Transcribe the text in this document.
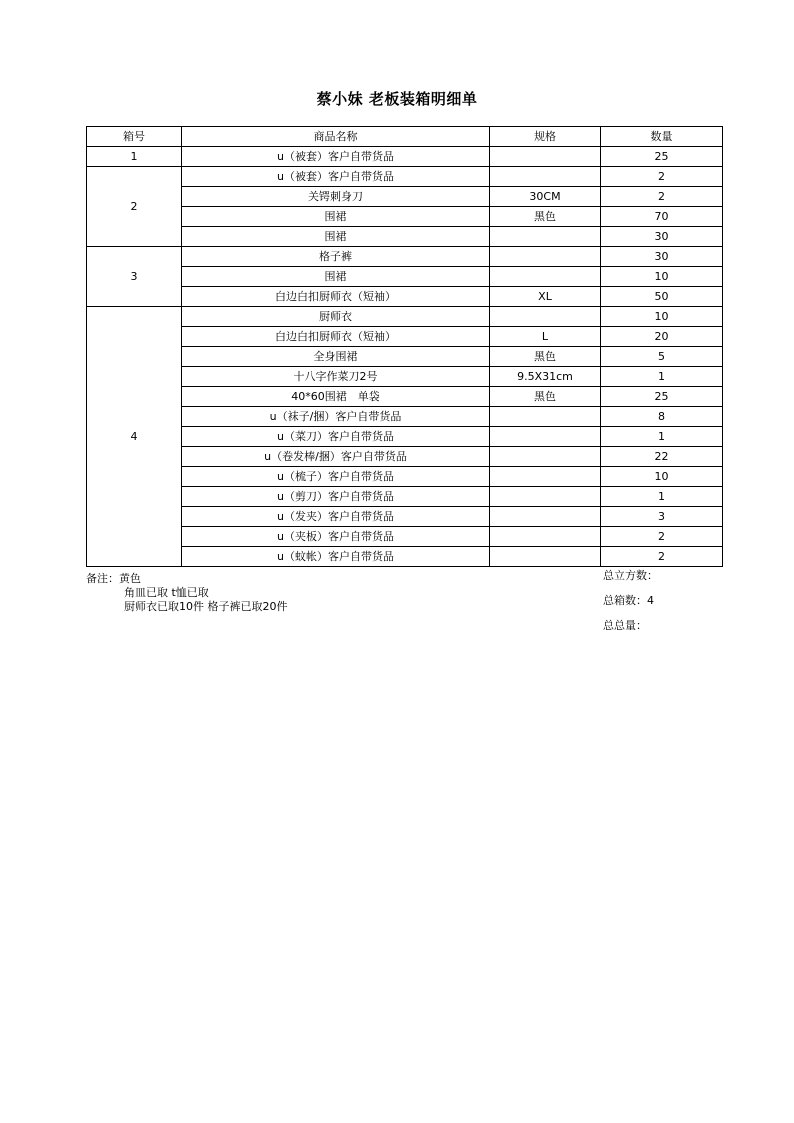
蔡小妹 老板装箱明细单
箱号	商品名称	规格	数量
1	u（被套）客户自带货品		25
2	u（被套）客户自带货品		2
	关锷刺身刀	30CM	2
	围裙	黑色	70
	围裙		30
3	格子裤		30
	围裙		10
	白边白扣厨师衣（短袖）	XL	50
4	厨师衣		10
	白边白扣厨师衣（短袖）	L	20
	全身围裙	黑色	5
	十八字作菜刀2号	9.5X31cm	1
	40*60围裙　单袋	黑色	25
	u（袜子/捆）客户自带货品		8
	u（菜刀）客户自带货品		1
	u（卷发棒/捆）客户自带货品		22
	u（梳子）客户自带货品		10
	u（剪刀）客户自带货品		1
	u（发夹）客户自带货品		3
	u（夹板）客户自带货品		2
	u（蚊帐）客户自带货品		2
备注：黄色
角皿已取 t恤已取
厨师衣已取10件 格子裤已取20件
总立方数：
总箱数：4
总总量：
